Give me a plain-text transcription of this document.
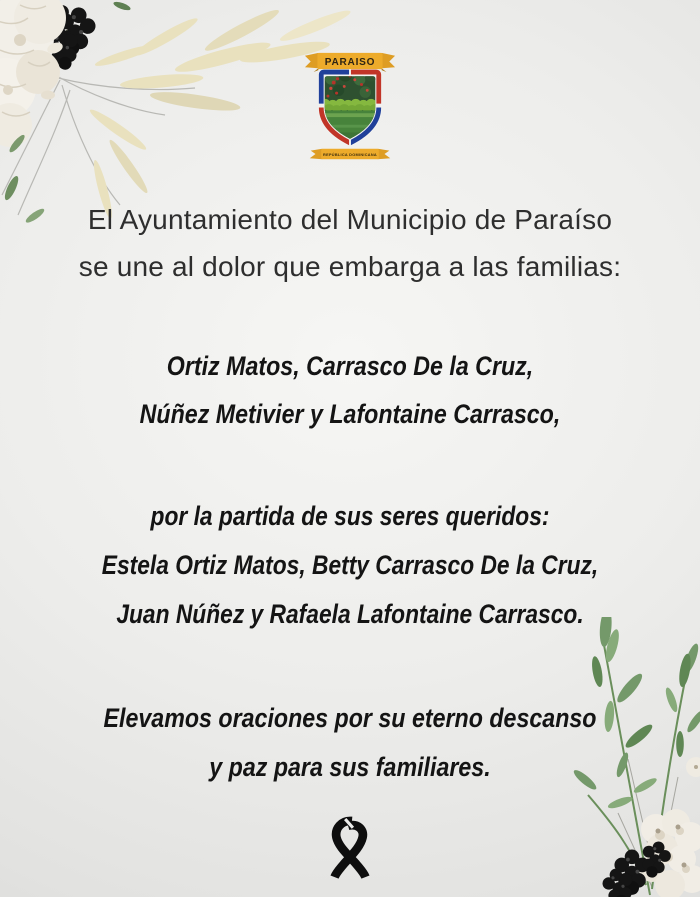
PARAISO
REPÚBLICA DOMINICANA
El Ayuntamiento del Municipio de Paraíso
se une al dolor que embarga a las familias:
Ortiz Matos, Carrasco De la Cruz,
Núñez Metivier y Lafontaine Carrasco,
por la partida de sus seres queridos:
Estela Ortiz Matos, Betty Carrasco De la Cruz,
Juan Núñez y Rafaela Lafontaine Carrasco.
Elevamos oraciones por su eterno descanso
y paz para sus familiares.
